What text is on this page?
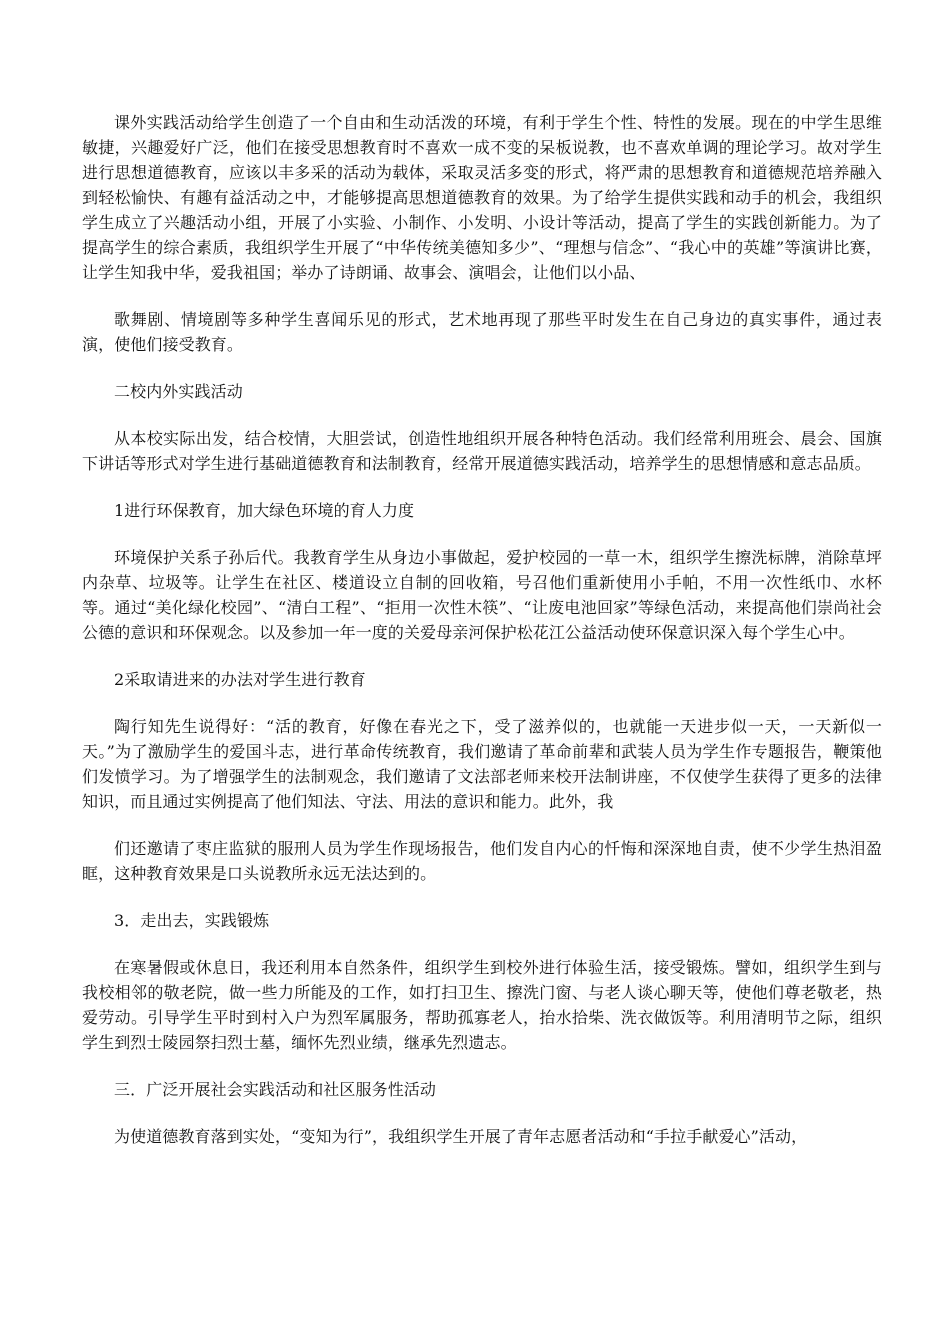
课外实践活动给学生创造了一个自由和生动活泼的环境，有利于学生个性、特性的发展。现在的中学生思维敏捷，兴趣爱好广泛，他们在接受思想教育时不喜欢一成不变的呆板说教，也不喜欢单调的理论学习。故对学生进行思想道德教育，应该以丰多采的活动为载体，采取灵活多变的形式，将严肃的思想教育和道德规范培养融入到轻松愉快、有趣有益活动之中，才能够提高思想道德教育的效果。为了给学生提供实践和动手的机会，我组织学生成立了兴趣活动小组，开展了小实验、小制作、小发明、小设计等活动，提高了学生的实践创新能力。为了提高学生的综合素质，我组织学生开展了“中华传统美德知多少”、“理想与信念”、“我心中的英雄”等演讲比赛，让学生知我中华，爱我祖国；举办了诗朗诵、故事会、演唱会，让他们以小品、

歌舞剧、情境剧等多种学生喜闻乐见的形式，艺术地再现了那些平时发生在自己身边的真实事件，通过表演，使他们接受教育。

二校内外实践活动

从本校实际出发，结合校情，大胆尝试，创造性地组织开展各种特色活动。我们经常利用班会、晨会、国旗下讲话等形式对学生进行基础道德教育和法制教育，经常开展道德实践活动，培养学生的思想情感和意志品质。

1进行环保教育，加大绿色环境的育人力度

环境保护关系子孙后代。我教育学生从身边小事做起，爱护校园的一草一木，组织学生擦洗标牌，消除草坪内杂草、垃圾等。让学生在社区、楼道设立自制的回收箱，号召他们重新使用小手帕，不用一次性纸巾、水杯等。通过“美化绿化校园”、“清白工程”、“拒用一次性木筷”、“让废电池回家”等绿色活动，来提高他们崇尚社会公德的意识和环保观念。以及参加一年一度的关爱母亲河保护松花江公益活动使环保意识深入每个学生心中。

2采取请进来的办法对学生进行教育

陶行知先生说得好：“活的教育，好像在春光之下，受了滋养似的，也就能一天进步似一天，一天新似一天。”为了激励学生的爱国斗志，进行革命传统教育，我们邀请了革命前辈和武装人员为学生作专题报告，鞭策他们发愤学习。为了增强学生的法制观念，我们邀请了文法部老师来校开法制讲座，不仅使学生获得了更多的法律知识，而且通过实例提高了他们知法、守法、用法的意识和能力。此外，我

们还邀请了枣庄监狱的服刑人员为学生作现场报告，他们发自内心的忏悔和深深地自责，使不少学生热泪盈眶，这种教育效果是口头说教所永远无法达到的。

3．走出去，实践锻炼

在寒暑假或休息日，我还利用本自然条件，组织学生到校外进行体验生活，接受锻炼。譬如，组织学生到与我校相邻的敬老院，做一些力所能及的工作，如打扫卫生、擦洗门窗、与老人谈心聊天等，使他们尊老敬老，热爱劳动。引导学生平时到村入户为烈军属服务，帮助孤寡老人，抬水拾柴、洗衣做饭等。利用清明节之际，组织学生到烈士陵园祭扫烈士墓，缅怀先烈业绩，继承先烈遗志。

三．广泛开展社会实践活动和社区服务性活动

为使道德教育落到实处，“变知为行”，我组织学生开展了青年志愿者活动和“手拉手献爱心”活动，
